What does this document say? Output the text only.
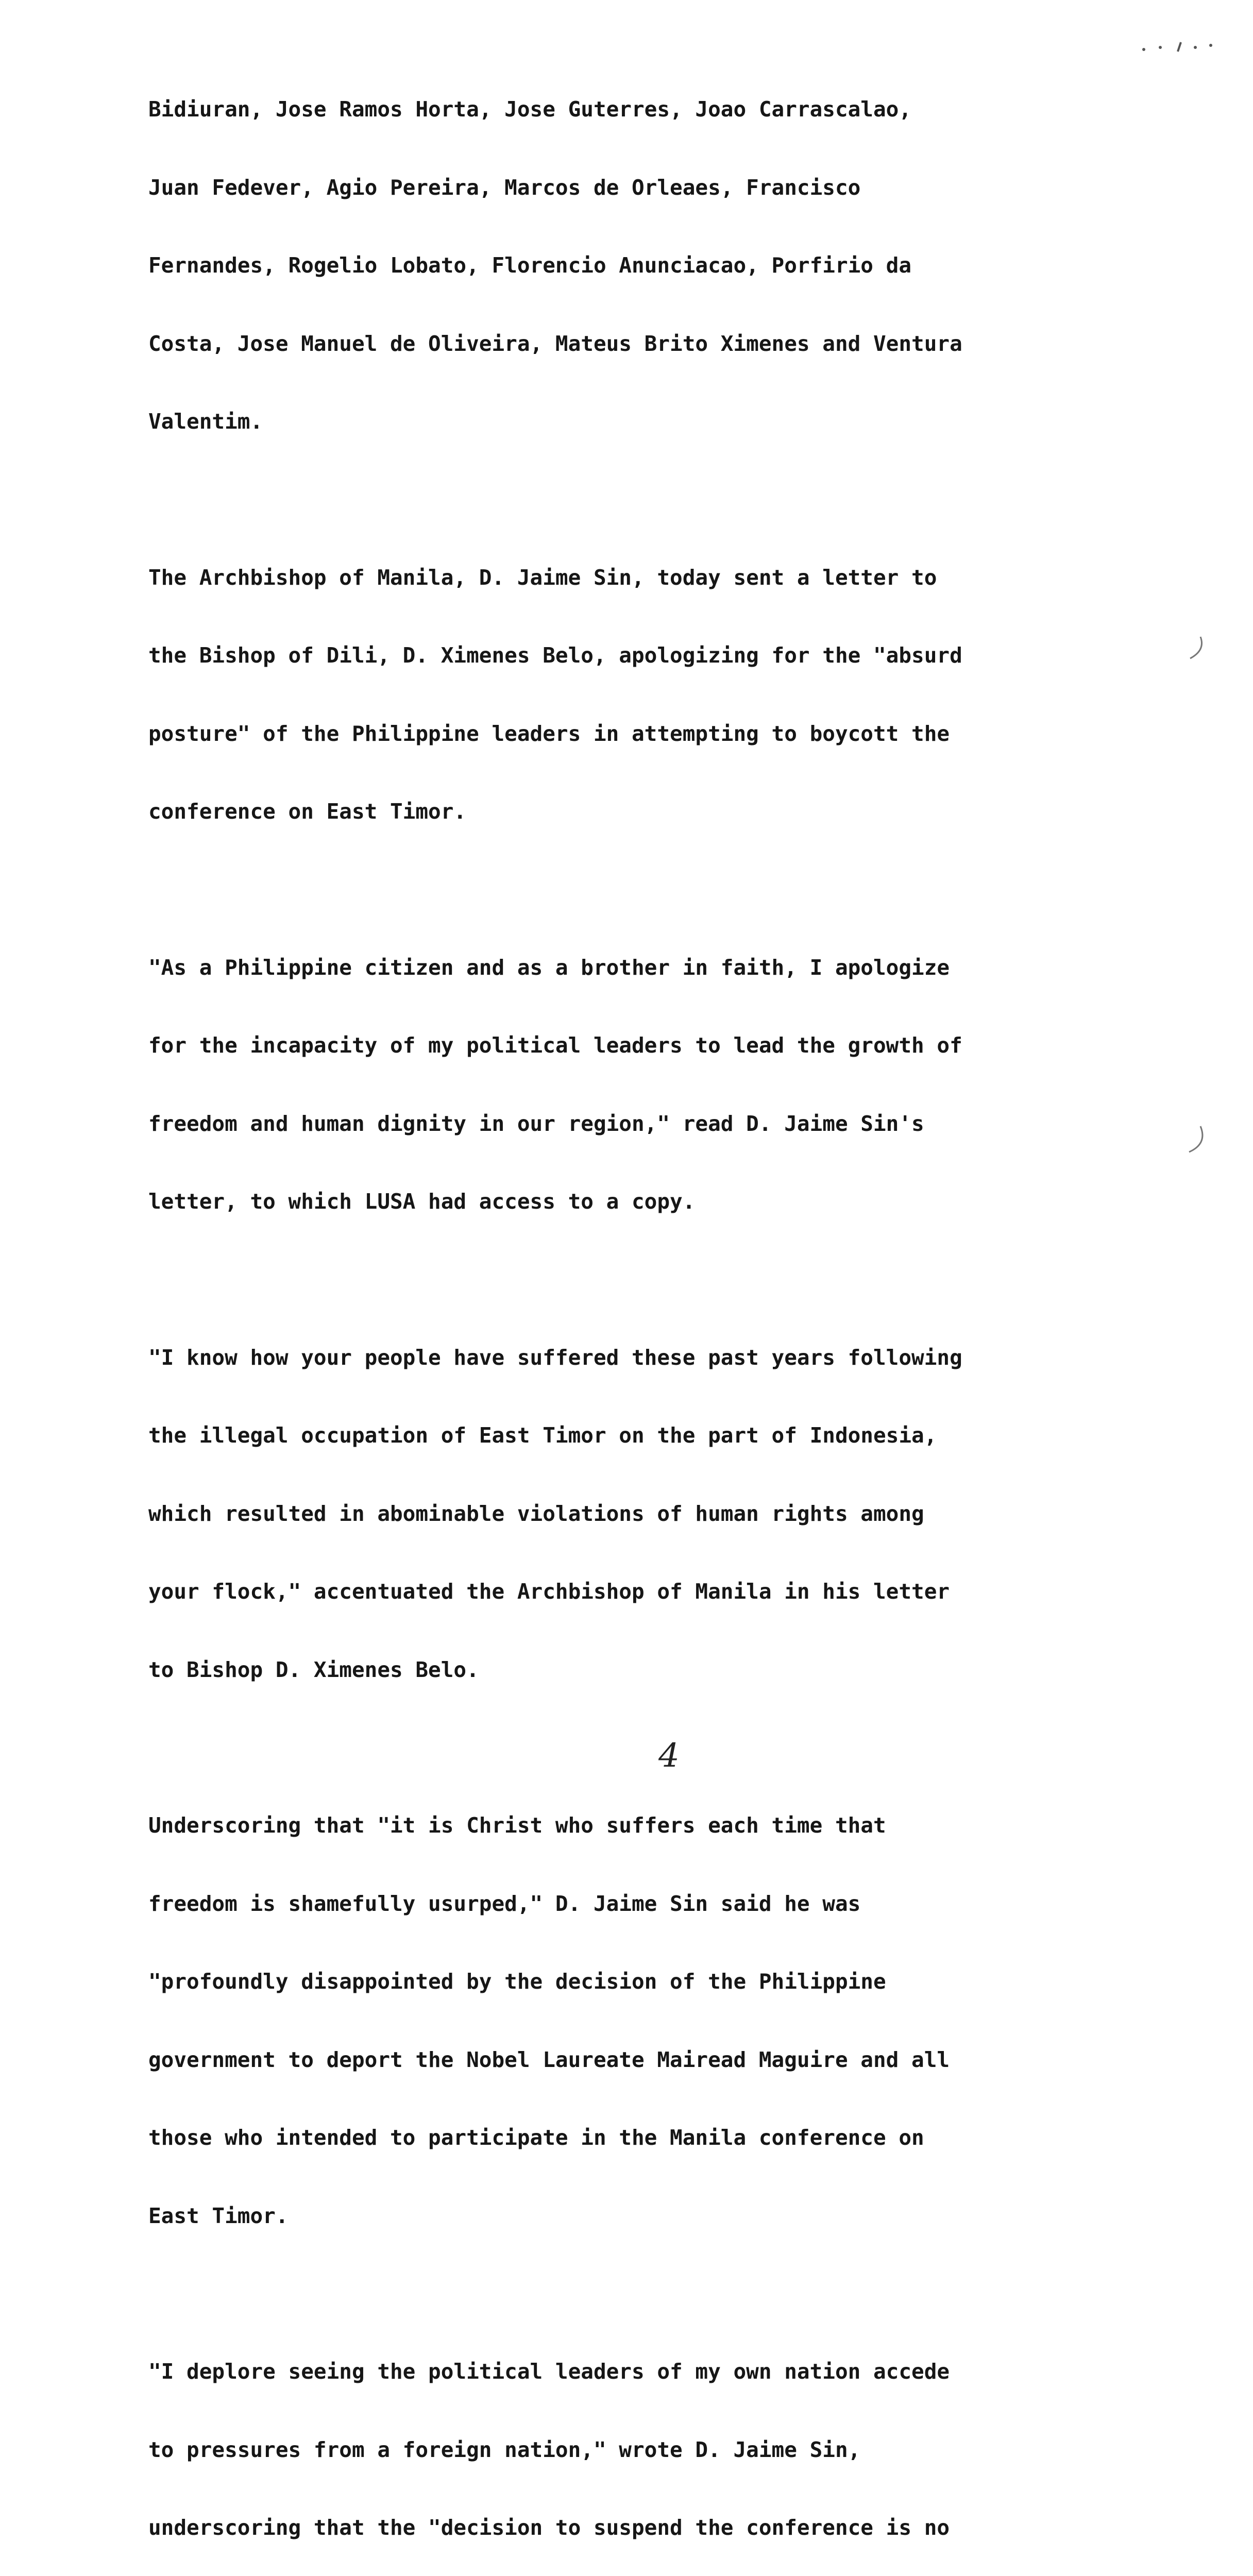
Bidiuran, Jose Ramos Horta, Jose Guterres, Joao Carrascalao,

Juan Fedever, Agio Pereira, Marcos de Orleaes, Francisco

Fernandes, Rogelio Lobato, Florencio Anunciacao, Porfirio da

Costa, Jose Manuel de Oliveira, Mateus Brito Ximenes and Ventura

Valentim.

The Archbishop of Manila, D. Jaime Sin, today sent a letter to

the Bishop of Dili, D. Ximenes Belo, apologizing for the "absurd

posture" of the Philippine leaders in attempting to boycott the

conference on East Timor.

"As a Philippine citizen and as a brother in faith, I apologize

for the incapacity of my political leaders to lead the growth of

freedom and human dignity in our region," read D. Jaime Sin's

letter, to which LUSA had access to a copy.

"I know how your people have suffered these past years following

the illegal occupation of East Timor on the part of Indonesia,

which resulted in abominable violations of human rights among

your flock," accentuated the Archbishop of Manila in his letter

to Bishop D. Ximenes Belo.

Underscoring that "it is Christ who suffers each time that

freedom is shamefully usurped," D. Jaime Sin said he was

"profoundly disappointed by the decision of the Philippine

government to deport the Nobel Laureate Mairead Maguire and all

those who intended to participate in the Manila conference on

East Timor.

"I deplore seeing the political leaders of my own nation accede

to pressures from a foreign nation," wrote D. Jaime Sin,

underscoring that the "decision to suspend the conference is no

4
